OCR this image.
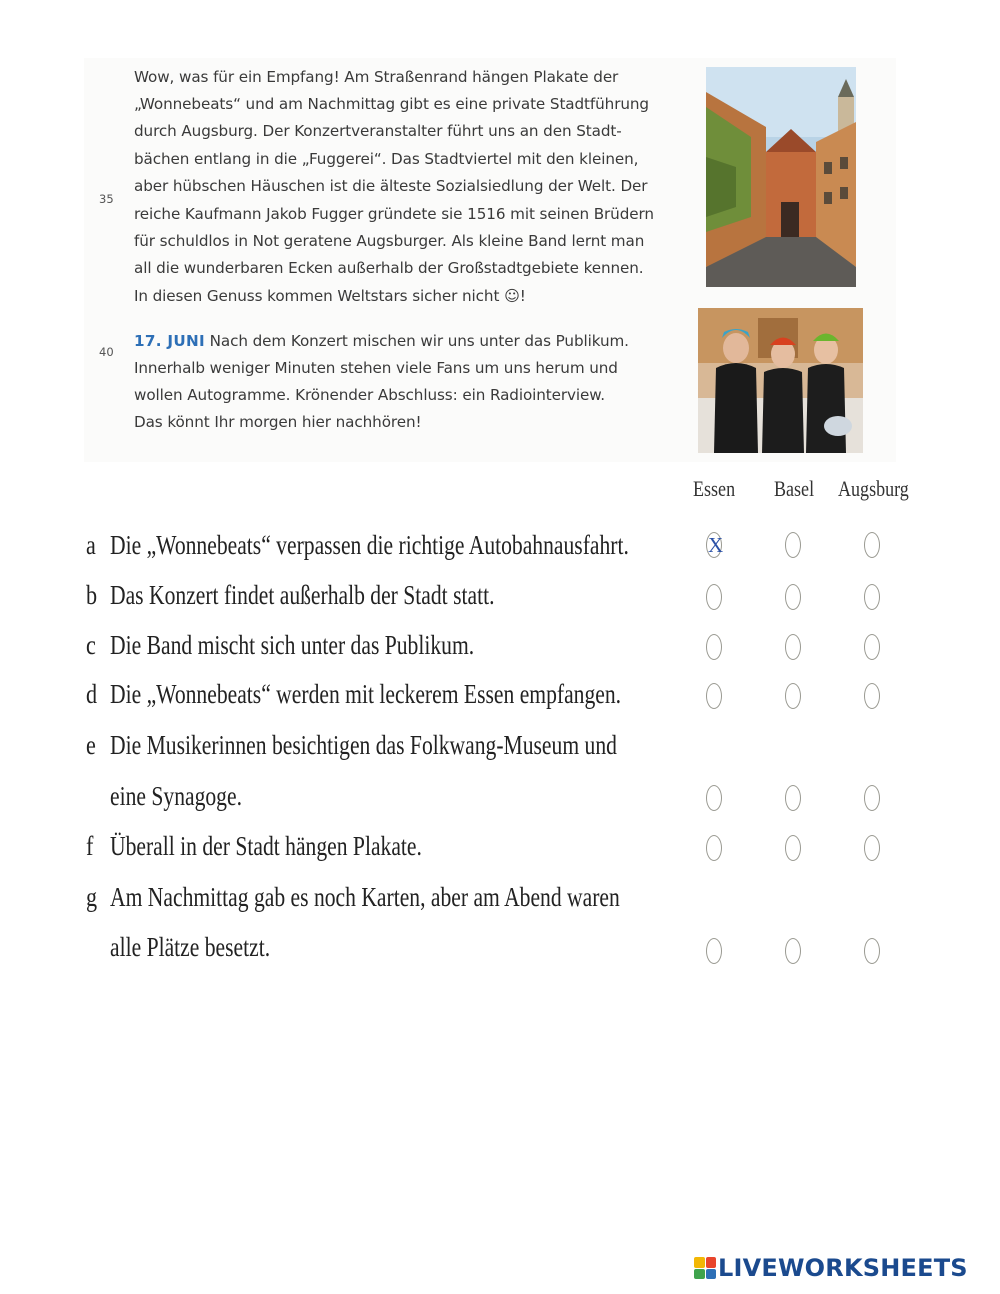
Wow, was für ein Empfang! Am Straßenrand hängen Plakate der
„Wonnebeats“ und am Nachmittag gibt es eine private Stadtführung
durch Augsburg. Der Konzertveranstalter führt uns an den Stadt-
bächen entlang in die „Fuggerei“. Das Stadtviertel mit den kleinen,
aber hübschen Häuschen ist die älteste Sozialsiedlung der Welt. Der
reiche Kaufmann Jakob Fugger gründete sie 1516 mit seinen Brüdern
für schuldlos in Not geratene Augsburger. Als kleine Band lernt man
all die wunderbaren Ecken außerhalb der Großstadtgebiete kennen.
In diesen Genuss kommen Weltstars sicher nicht ☺!
17. JUNI Nach dem Konzert mischen wir uns unter das Publikum.
Innerhalb weniger Minuten stehen viele Fans um uns herum und
wollen Autogramme. Krönender Abschluss: ein Radiointerview.
Das könnt Ihr morgen hier nachhören!
35
40
Essen Basel Augsburg
a Die „Wonnebeats“ verpassen die richtige Autobahnausfahrt.
b Das Konzert findet außerhalb der Stadt statt.
c Die Band mischt sich unter das Publikum.
d Die „Wonnebeats“ werden mit leckerem Essen empfangen.
e Die Musikerinnen besichtigen das Folkwang-Museum und
eine Synagoge.
f Überall in der Stadt hängen Plakate.
g Am Nachmittag gab es noch Karten, aber am Abend waren
alle Plätze besetzt.
X
LIVEWORKSHEETS
